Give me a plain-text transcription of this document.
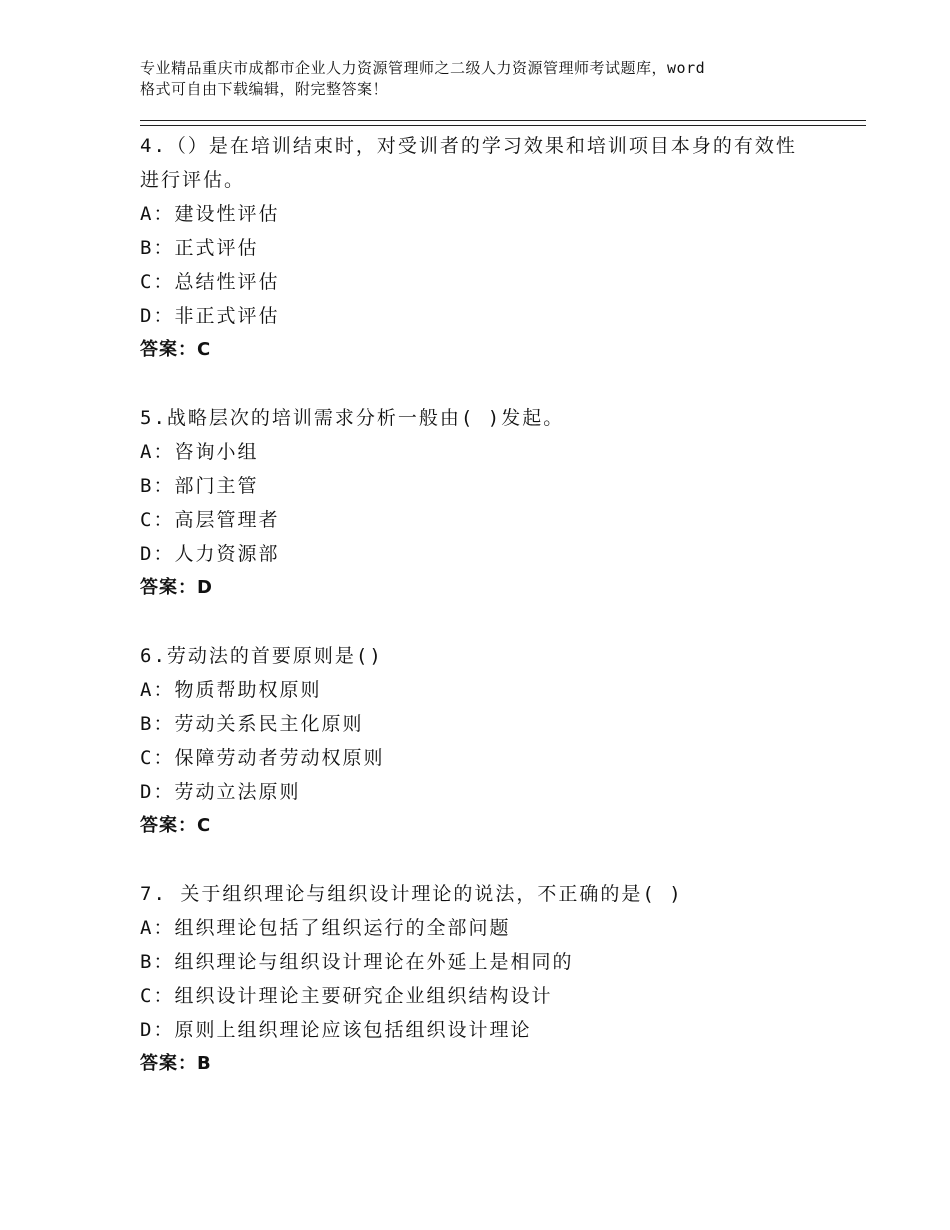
专业精品重庆市成都市企业人力资源管理师之二级人力资源管理师考试题库，word
格式可自由下载编辑，附完整答案！
4.（）是在培训结束时，对受训者的学习效果和培训项目本身的有效性进行评估。
A：建设性评估
B：正式评估
C：总结性评估
D：非正式评估
答案：C
5.战略层次的培训需求分析一般由( )发起。
A：咨询小组
B：部门主管
C：高层管理者
D：人力资源部
答案：D
6.劳动法的首要原则是()
A：物质帮助权原则
B：劳动关系民主化原则
C：保障劳动者劳动权原则
D：劳动立法原则
答案：C
7. 关于组织理论与组织设计理论的说法，不正确的是( )
A：组织理论包括了组织运行的全部问题
B：组织理论与组织设计理论在外延上是相同的
C：组织设计理论主要研究企业组织结构设计
D：原则上组织理论应该包括组织设计理论
答案：B
